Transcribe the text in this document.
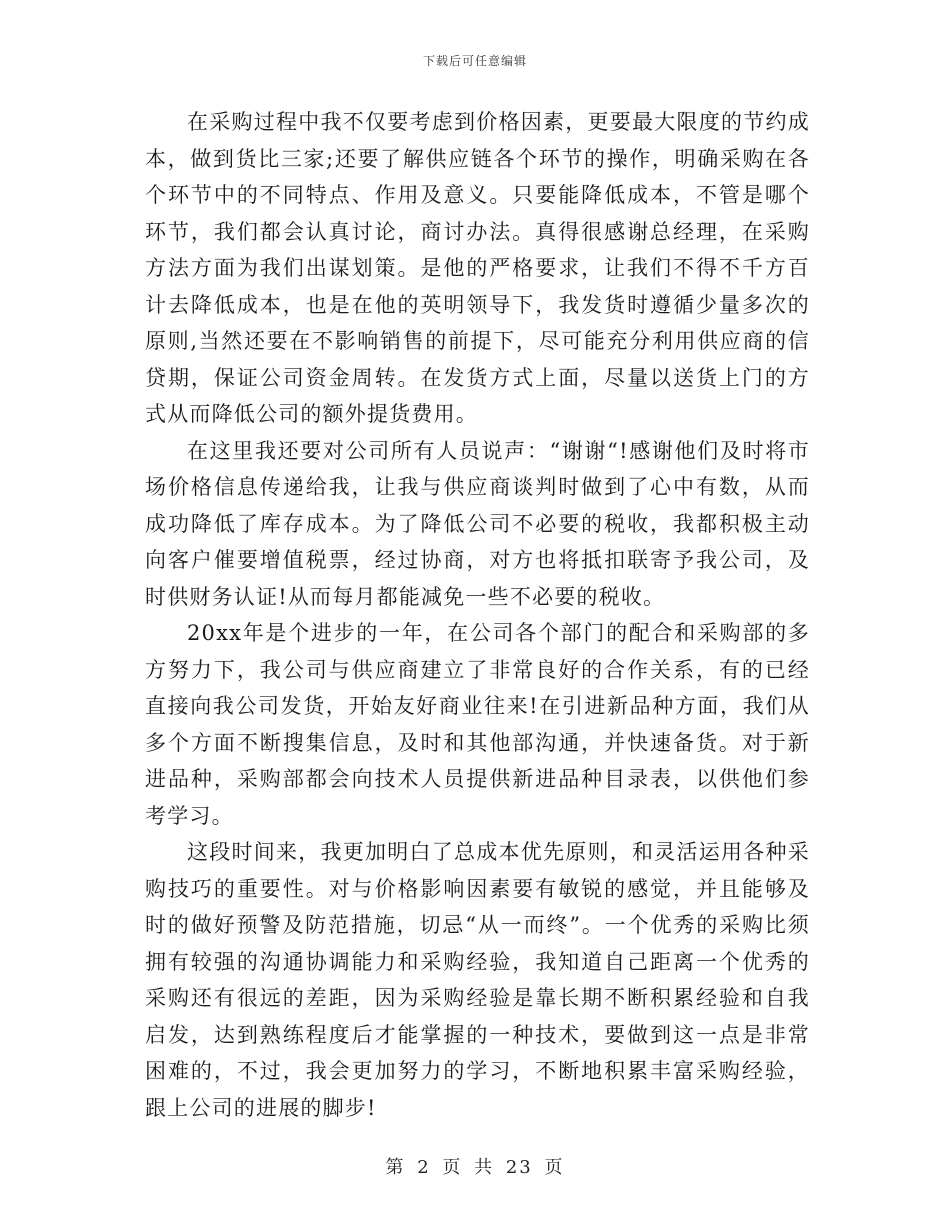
下载后可任意编辑

在采购过程中我不仅要考虑到价格因素，更要最大限度的节约成本，做到货比三家;还要了解供应链各个环节的操作，明确采购在各个环节中的不同特点、作用及意义。只要能降低成本，不管是哪个环节，我们都会认真讨论，商讨办法。真得很感谢总经理，在采购方法方面为我们出谋划策。是他的严格要求，让我们不得不千方百计去降低成本，也是在他的英明领导下，我发货时遵循少量多次的原则,当然还要在不影响销售的前提下，尽可能充分利用供应商的信贷期，保证公司资金周转。在发货方式上面，尽量以送货上门的方式从而降低公司的额外提货费用。

在这里我还要对公司所有人员说声：“谢谢“!感谢他们及时将市场价格信息传递给我，让我与供应商谈判时做到了心中有数，从而成功降低了库存成本。为了降低公司不必要的税收，我都积极主动向客户催要增值税票，经过协商，对方也将抵扣联寄予我公司，及时供财务认证!从而每月都能减免一些不必要的税收。

20xx年是个进步的一年，在公司各个部门的配合和采购部的多方努力下，我公司与供应商建立了非常良好的合作关系，有的已经直接向我公司发货，开始友好商业往来!在引进新品种方面，我们从多个方面不断搜集信息，及时和其他部沟通，并快速备货。对于新进品种，采购部都会向技术人员提供新进品种目录表，以供他们参考学习。

这段时间来，我更加明白了总成本优先原则，和灵活运用各种采购技巧的重要性。对与价格影响因素要有敏锐的感觉，并且能够及时的做好预警及防范措施，切忌“从一而终”。一个优秀的采购比须拥有较强的沟通协调能力和采购经验，我知道自己距离一个优秀的采购还有很远的差距，因为采购经验是靠长期不断积累经验和自我启发，达到熟练程度后才能掌握的一种技术，要做到这一点是非常困难的，不过，我会更加努力的学习，不断地积累丰富采购经验，跟上公司的进展的脚步!

第 2 页 共 23 页
